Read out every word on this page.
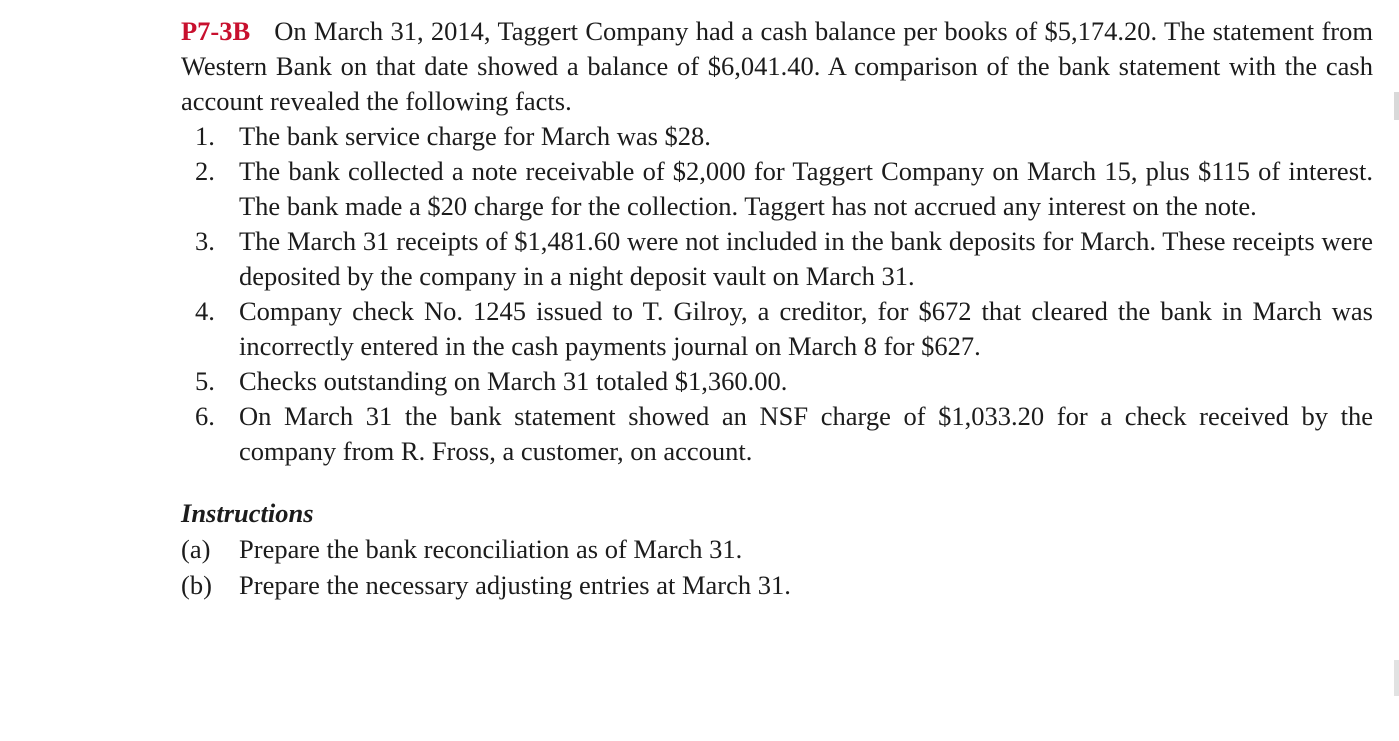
P7-3B On March 31, 2014, Taggert Company had a cash balance per books of $5,174.20. The statement from Western Bank on that date showed a balance of $6,041.40. A comparison of the bank statement with the cash account revealed the following facts.

1. The bank service charge for March was $28.
2. The bank collected a note receivable of $2,000 for Taggert Company on March 15, plus $115 of interest. The bank made a $20 charge for the collection. Taggert has not accrued any interest on the note.
3. The March 31 receipts of $1,481.60 were not included in the bank deposits for March. These receipts were deposited by the company in a night deposit vault on March 31.
4. Company check No. 1245 issued to T. Gilroy, a creditor, for $672 that cleared the bank in March was incorrectly entered in the cash payments journal on March 8 for $627.
5. Checks outstanding on March 31 totaled $1,360.00.
6. On March 31 the bank statement showed an NSF charge of $1,033.20 for a check received by the company from R. Fross, a customer, on account.
Instructions
(a) Prepare the bank reconciliation as of March 31.
(b) Prepare the necessary adjusting entries at March 31.
